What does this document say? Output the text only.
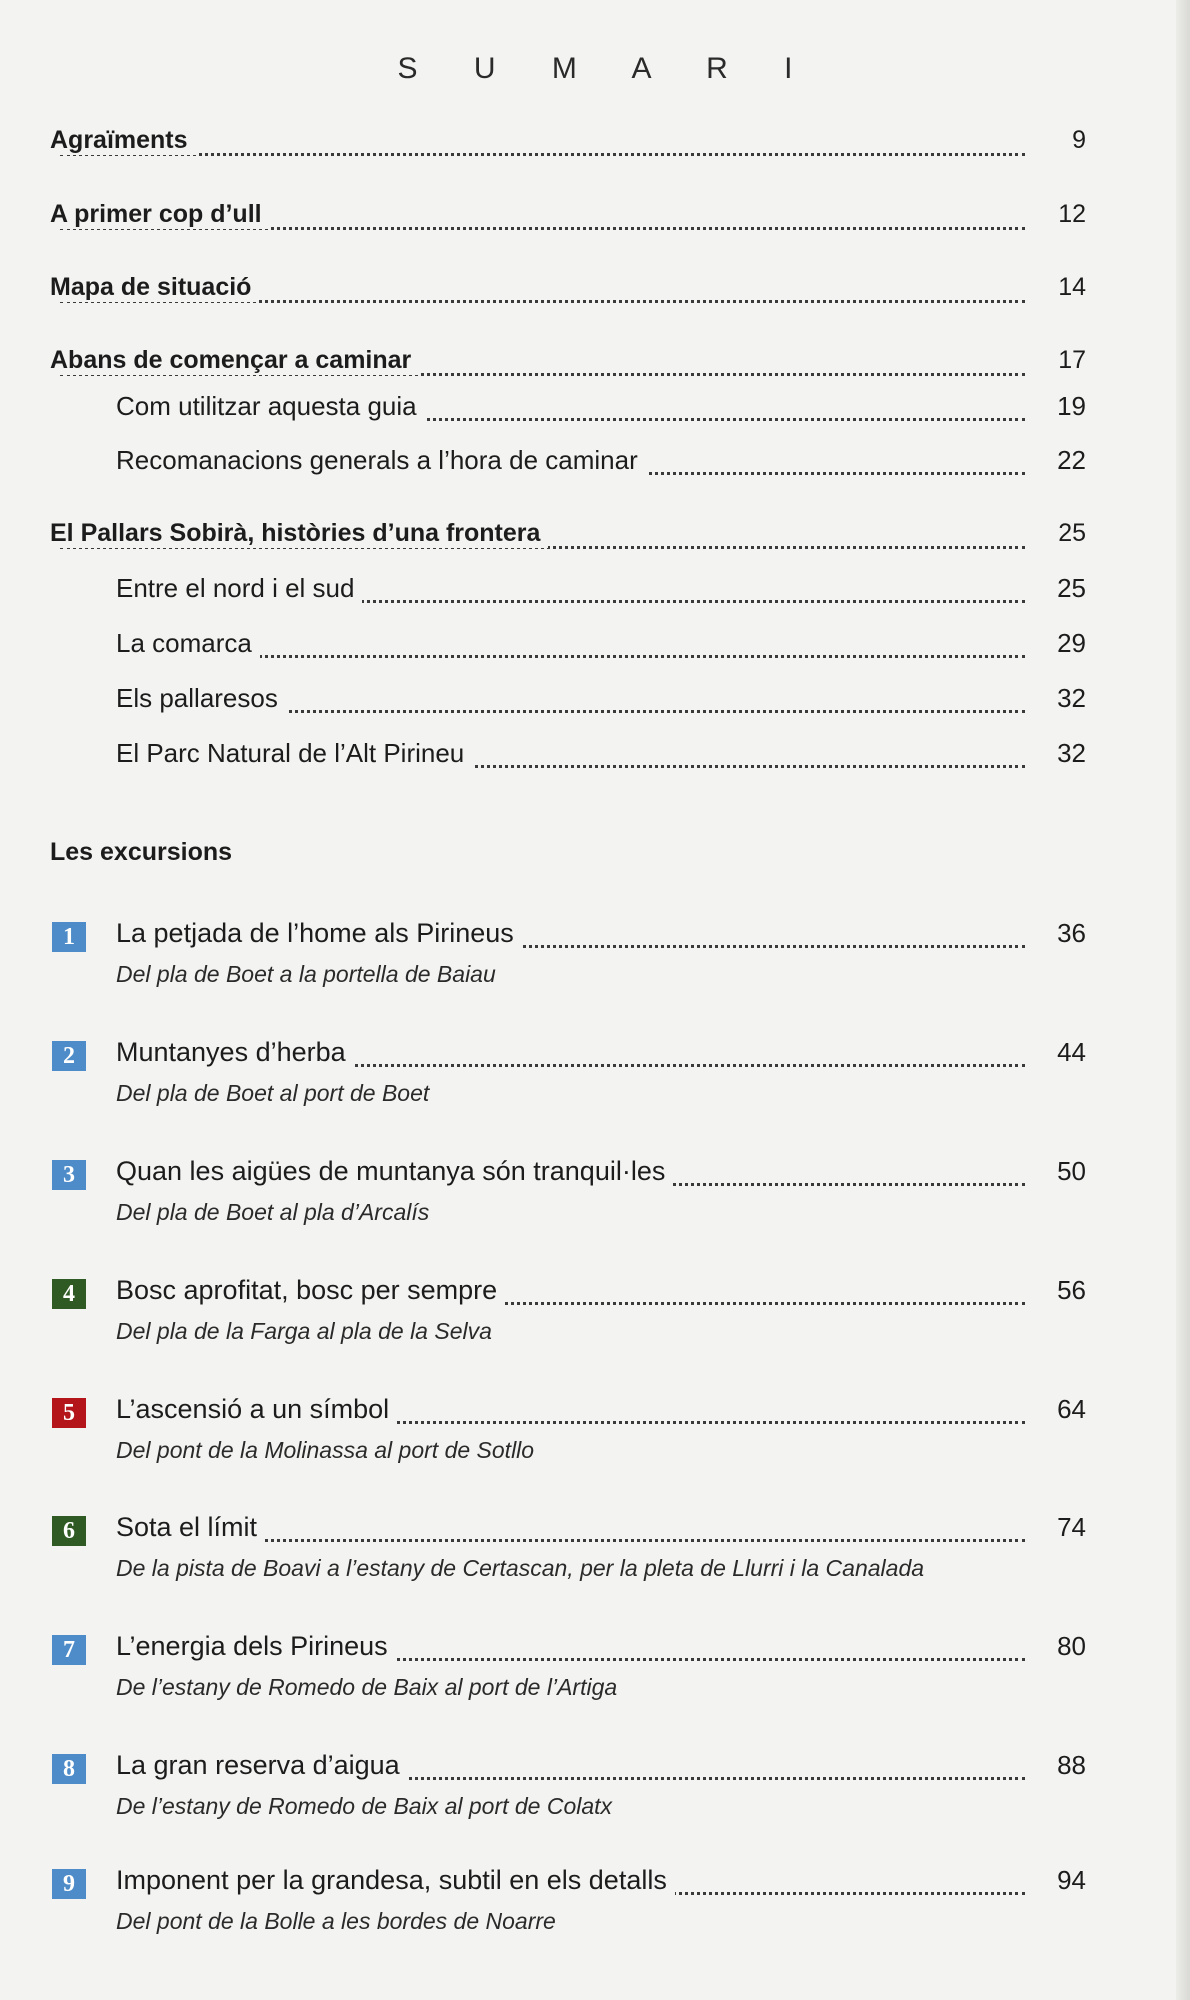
S U M A R I
Agraïments	9
A primer cop d’ull	12
Mapa de situació	14
Abans de començar a caminar	17
Com utilitzar aquesta guia	19
Recomanacions generals a l’hora de caminar	22
El Pallars Sobirà, històries d’una frontera	25
Entre el nord i el sud	25
La comarca	29
Els pallaresos	32
El Parc Natural de l’Alt Pirineu	32
Les excursions
1	La petjada de l’home als Pirineus	36
Del pla de Boet a la portella de Baiau
2	Muntanyes d’herba	44
Del pla de Boet al port de Boet
3	Quan les aigües de muntanya són tranquil·les	50
Del pla de Boet al pla d’Arcalís
4	Bosc aprofitat, bosc per sempre	56
Del pla de la Farga al pla de la Selva
5	L’ascensió a un símbol	64
Del pont de la Molinassa al port de Sotllo
6	Sota el límit	74
De la pista de Boavi a l’estany de Certascan, per la pleta de Llurri i la Canalada
7	L’energia dels Pirineus	80
De l’estany de Romedo de Baix al port de l’Artiga
8	La gran reserva d’aigua	88
De l’estany de Romedo de Baix al port de Colatx
9	Imponent per la grandesa, subtil en els detalls	94
Del pont de la Bolle a les bordes de Noarre
